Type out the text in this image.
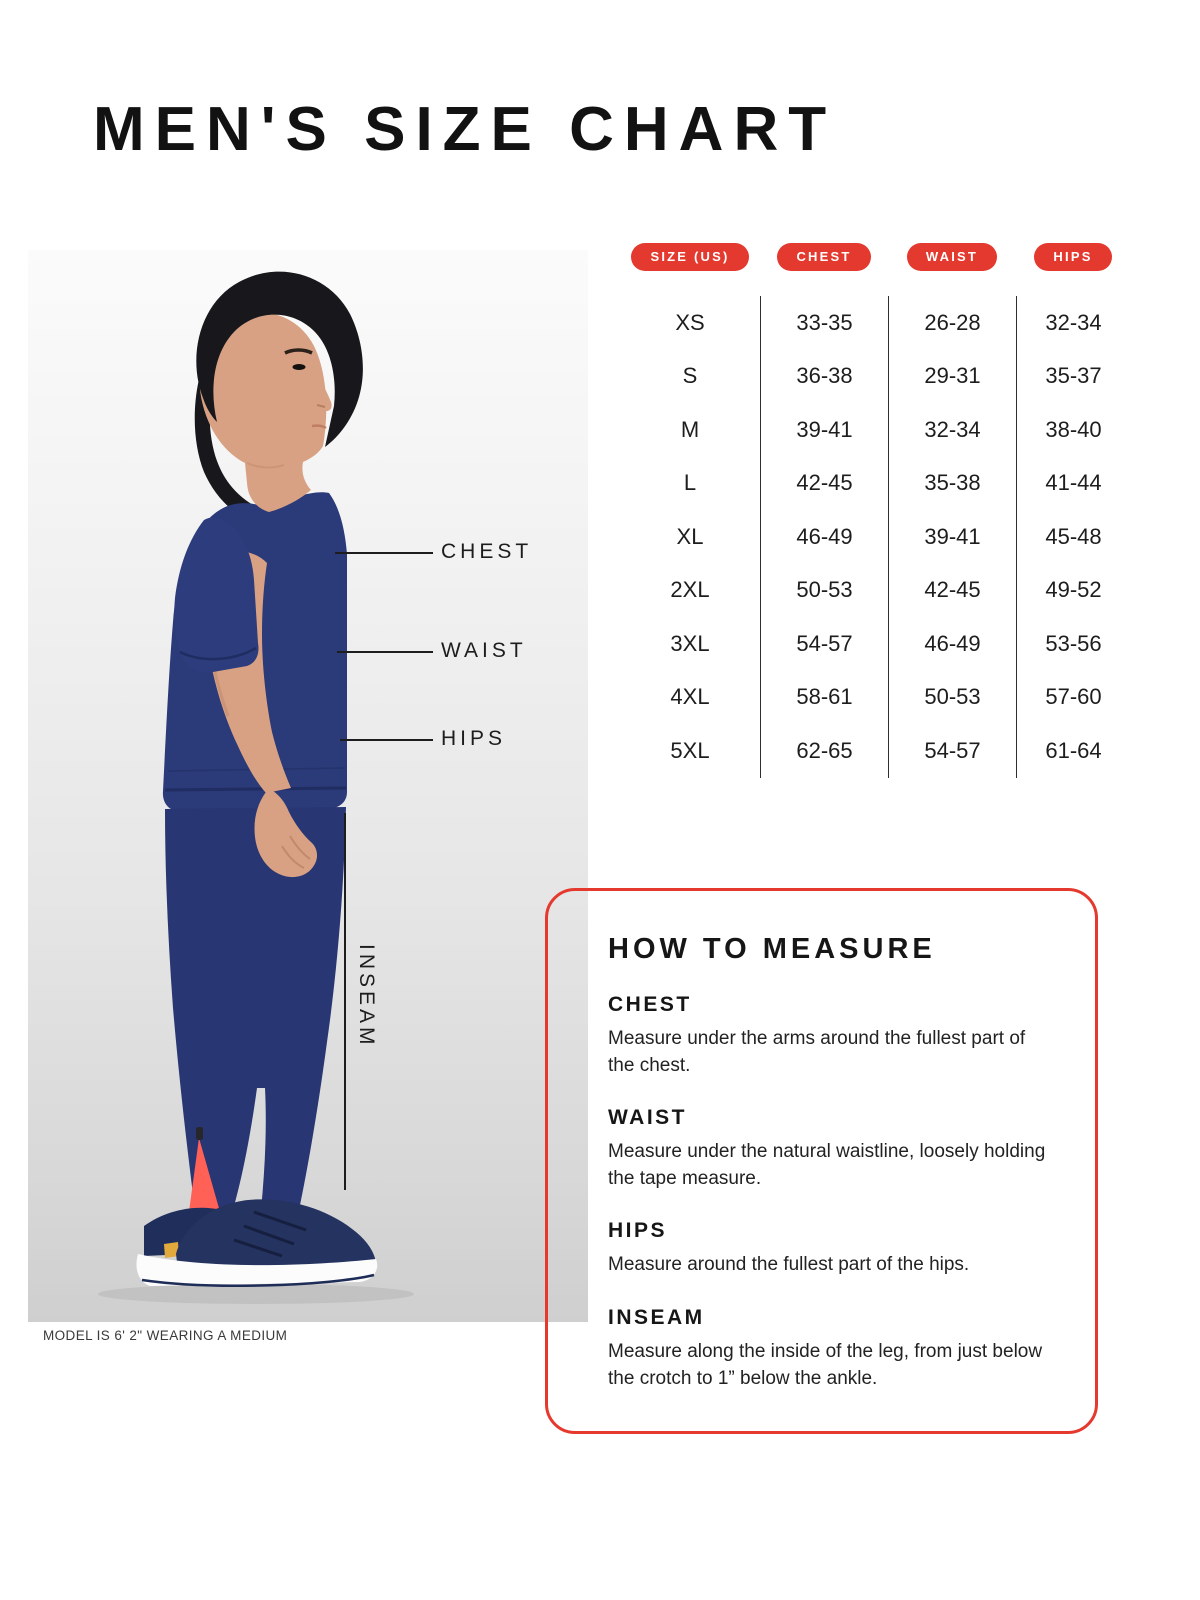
MEN'S SIZE CHART
MODEL IS 6' 2" WEARING A MEDIUM
CHEST
WAIST
HIPS
INSEAM
SIZE (US)	CHEST	WAIST	HIPS
XS	33-35	26-28	32-34
S	36-38	29-31	35-37
M	39-41	32-34	38-40
L	42-45	35-38	41-44
XL	46-49	39-41	45-48
2XL	50-53	42-45	49-52
3XL	54-57	46-49	53-56
4XL	58-61	50-53	57-60
5XL	62-65	54-57	61-64
HOW TO MEASURE
CHEST
Measure under the arms around the fullest part of the chest.
WAIST
Measure under the natural waistline, loosely holding the tape measure.
HIPS
Measure around the fullest part of the hips.
INSEAM
Measure along the inside of the leg, from just below the crotch to 1” below the ankle.
